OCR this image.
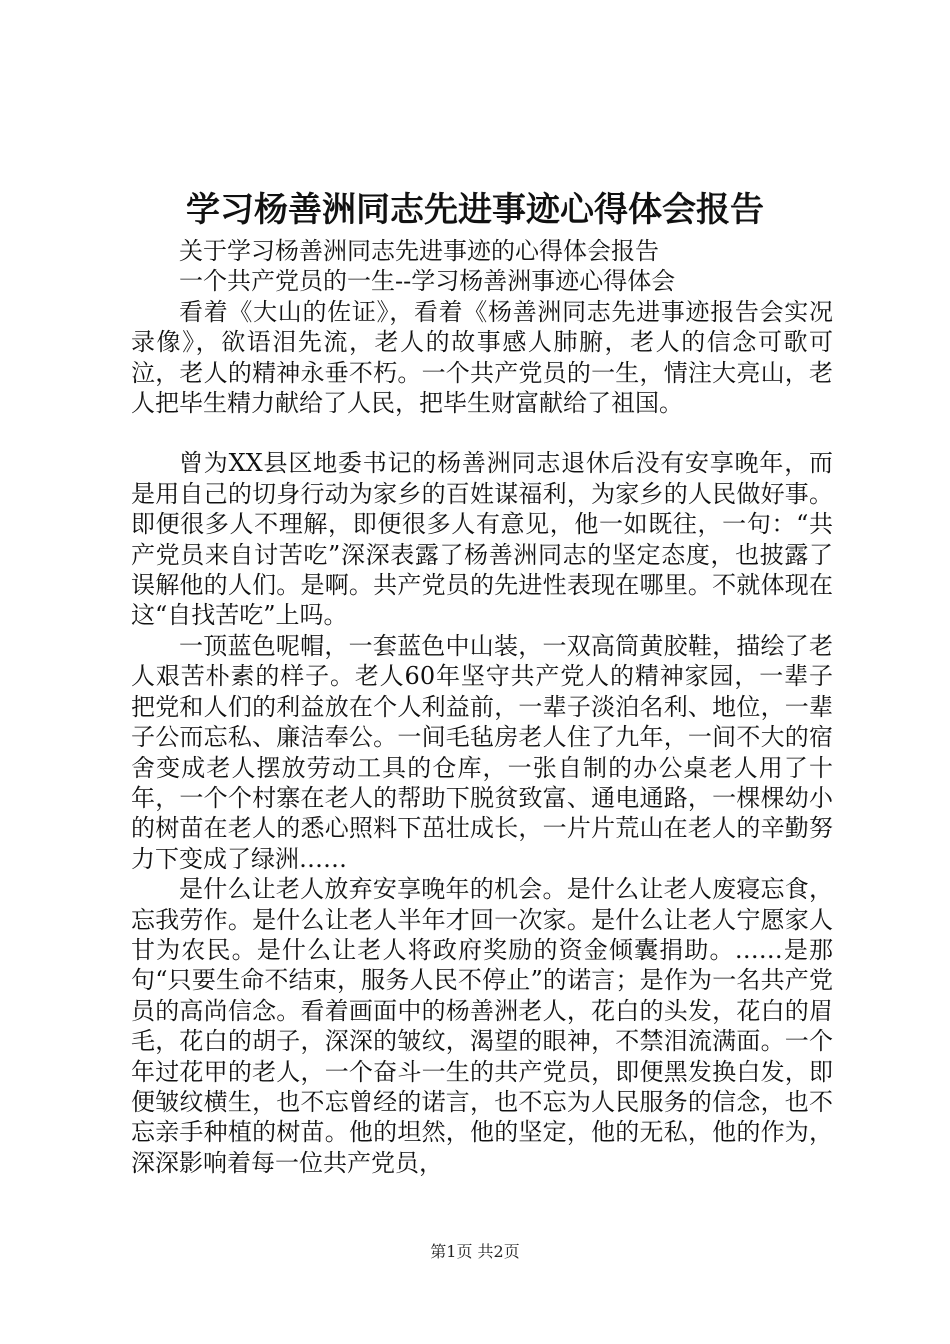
学习杨善洲同志先进事迹心得体会报告

关于学习杨善洲同志先进事迹的心得体会报告

一个共产党员的一生--学习杨善洲事迹心得体会

看着《大山的佐证》，看着《杨善洲同志先进事迹报告会实况录像》，欲语泪先流，老人的故事感人肺腑，老人的信念可歌可泣，老人的精神永垂不朽。一个共产党员的一生，情注大亮山，老人把毕生精力献给了人民，把毕生财富献给了祖国。

曾为XX县区地委书记的杨善洲同志退休后没有安享晚年，而是用自己的切身行动为家乡的百姓谋福利，为家乡的人民做好事。即便很多人不理解，即便很多人有意见，他一如既往，一句：“共产党员来自讨苦吃”深深表露了杨善洲同志的坚定态度，也披露了误解他的人们。是啊。共产党员的先进性表现在哪里。不就体现在这“自找苦吃”上吗。

一顶蓝色呢帽，一套蓝色中山装，一双高筒黄胶鞋，描绘了老人艰苦朴素的样子。老人60年坚守共产党人的精神家园，一辈子把党和人们的利益放在个人利益前，一辈子淡泊名利、地位，一辈子公而忘私、廉洁奉公。一间毛毡房老人住了九年，一间不大的宿舍变成老人摆放劳动工具的仓库，一张自制的办公桌老人用了十年，一个个村寨在老人的帮助下脱贫致富、通电通路，一棵棵幼小的树苗在老人的悉心照料下茁壮成长，一片片荒山在老人的辛勤努力下变成了绿洲……

是什么让老人放弃安享晚年的机会。是什么让老人废寝忘食，忘我劳作。是什么让老人半年才回一次家。是什么让老人宁愿家人甘为农民。是什么让老人将政府奖励的资金倾囊捐助。……是那句“只要生命不结束，服务人民不停止”的诺言；是作为一名共产党员的高尚信念。看着画面中的杨善洲老人，花白的头发，花白的眉毛，花白的胡子，深深的皱纹，渴望的眼神，不禁泪流满面。一个年过花甲的老人，一个奋斗一生的共产党员，即便黑发换白发，即便皱纹横生，也不忘曾经的诺言，也不忘为人民服务的信念，也不忘亲手种植的树苗。他的坦然，他的坚定，他的无私，他的作为，深深影响着每一位共产党员，

第1页 共2页
